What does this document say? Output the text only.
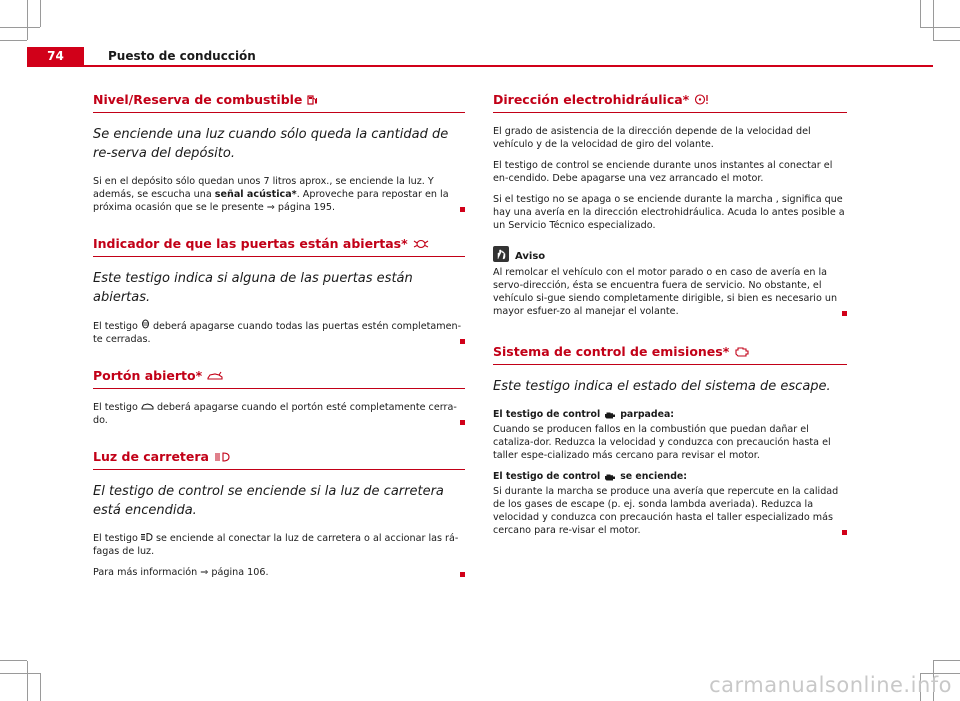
74	Puesto de conducción
Nivel/Reserva de combustible

Se enciende una luz cuando sólo queda la cantidad de re-serva del depósito.

Si en el depósito sólo quedan unos 7 litros aprox., se enciende la luz. Y además, se escucha una señal acústica*. Aproveche para repostar en la próxima ocasión que se le presente ⇒ página 195.

Indicador de que las puertas están abiertas*

Este testigo indica si alguna de las puertas están abiertas.

El testigo
deberá apagarse cuando todas las puertas estén completamen-te cerradas.

Portón abierto*

El testigo
deberá apagarse cuando el portón esté completamente cerra-do.

Luz de carretera

El testigo de control se enciende si la luz de carretera está encendida.

El testigo
se enciende al conectar la luz de carretera o al accionar las rá-fagas de luz.

Para más información ⇒ página 106.

Dirección electrohidráulica*

El grado de asistencia de la dirección depende de la velocidad del vehículo y de la velocidad de giro del volante.

El testigo de control se enciende durante unos instantes al conectar el en-cendido. Debe apagarse una vez arrancado el motor.

Si el testigo no se apaga o se enciende durante la marcha , significa que hay una avería en la dirección electrohidráulica. Acuda lo antes posible a un Servicio Técnico especializado.

Aviso

Al remolcar el vehículo con el motor parado o en caso de avería en la servo-dirección, ésta se encuentra fuera de servicio. No obstante, el vehículo si-gue siendo completamente dirigible, si bien es necesario un mayor esfuer-zo al manejar el volante.

Sistema de control de emisiones*

Este testigo indica el estado del sistema de escape.

El testigo de control parpadea:

Cuando se producen fallos en la combustión que puedan dañar el cataliza-dor. Reduzca la velocidad y conduzca con precaución hasta el taller espe-cializado más cercano para revisar el motor.

El testigo de control se enciende:

Si durante la marcha se produce una avería que repercute en la calidad de los gases de escape (p. ej. sonda lambda averiada). Reduzca la velocidad y conduzca con precaución hasta el taller especializado más cercano para re-visar el motor.

carmanualsonline.info
